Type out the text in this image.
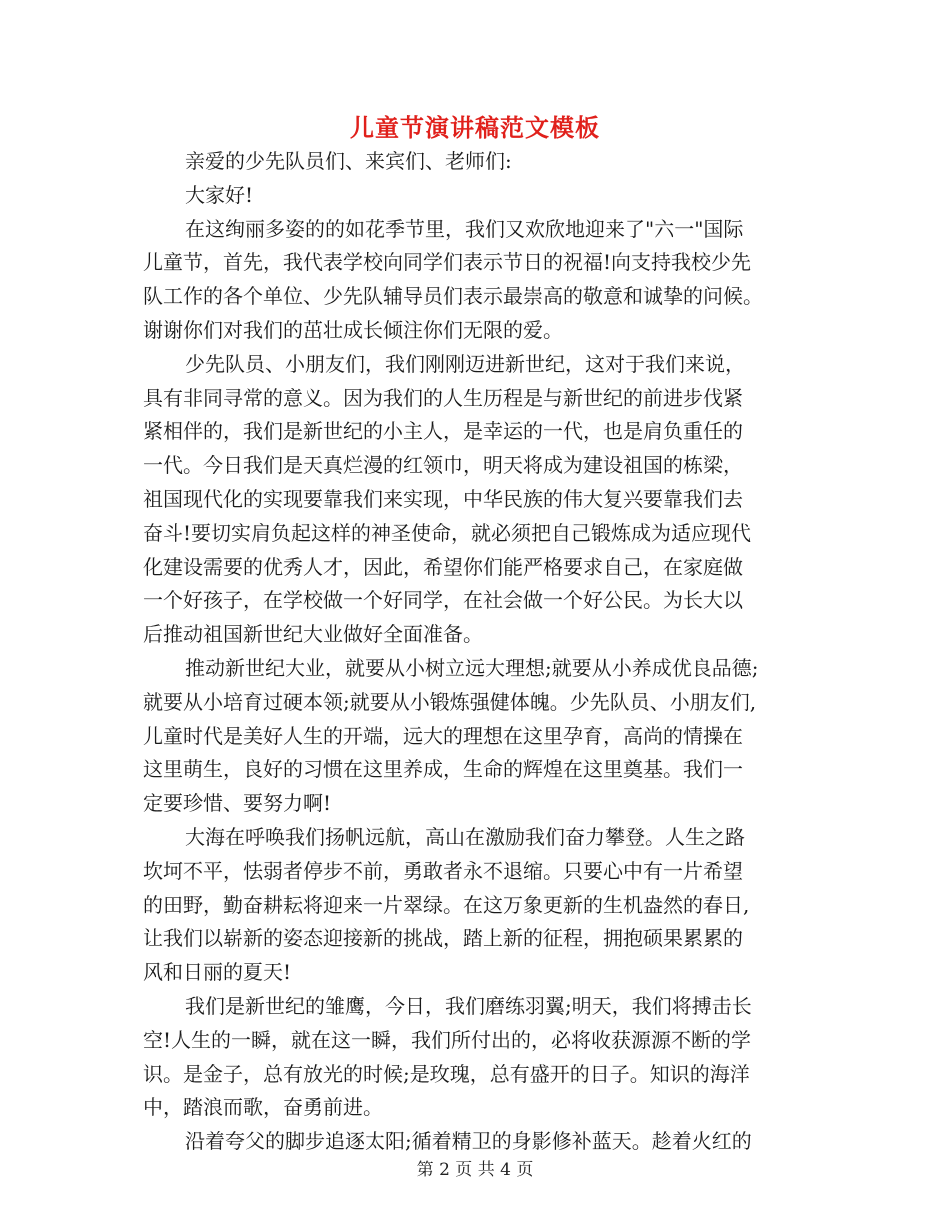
儿童节演讲稿范文模板
亲爱的少先队员们、来宾们、老师们:
大家好!
在这绚丽多姿的的如花季节里，我们又欢欣地迎来了"六一"国际
儿童节，首先，我代表学校向同学们表示节日的祝福!向支持我校少先
队工作的各个单位、少先队辅导员们表示最崇高的敬意和诚挚的问候。
谢谢你们对我们的茁壮成长倾注你们无限的爱。
少先队员、小朋友们，我们刚刚迈进新世纪，这对于我们来说，
具有非同寻常的意义。因为我们的人生历程是与新世纪的前进步伐紧
紧相伴的，我们是新世纪的小主人，是幸运的一代，也是肩负重任的
一代。今日我们是天真烂漫的红领巾，明天将成为建设祖国的栋梁，
祖国现代化的实现要靠我们来实现，中华民族的伟大复兴要靠我们去
奋斗!要切实肩负起这样的神圣使命，就必须把自己锻炼成为适应现代
化建设需要的优秀人才，因此，希望你们能严格要求自己，在家庭做
一个好孩子，在学校做一个好同学，在社会做一个好公民。为长大以
后推动祖国新世纪大业做好全面准备。
推动新世纪大业，就要从小树立远大理想;就要从小养成优良品德;
就要从小培育过硬本领;就要从小锻炼强健体魄。少先队员、小朋友们,
儿童时代是美好人生的开端，远大的理想在这里孕育，高尚的情操在
这里萌生，良好的习惯在这里养成，生命的辉煌在这里奠基。我们一
定要珍惜、要努力啊!
大海在呼唤我们扬帆远航，高山在激励我们奋力攀登。人生之路
坎坷不平，怯弱者停步不前，勇敢者永不退缩。只要心中有一片希望
的田野，勤奋耕耘将迎来一片翠绿。在这万象更新的生机盎然的春日,
让我们以崭新的姿态迎接新的挑战，踏上新的征程，拥抱硕果累累的
风和日丽的夏天!
我们是新世纪的雏鹰，今日，我们磨练羽翼;明天，我们将搏击长
空!人生的一瞬，就在这一瞬，我们所付出的，必将收获源源不断的学
识。是金子，总有放光的时候;是玫瑰，总有盛开的日子。知识的海洋
中，踏浪而歌，奋勇前进。
沿着夸父的脚步追逐太阳;循着精卫的身影修补蓝天。趁着火红的
第 2 页 共 4 页
